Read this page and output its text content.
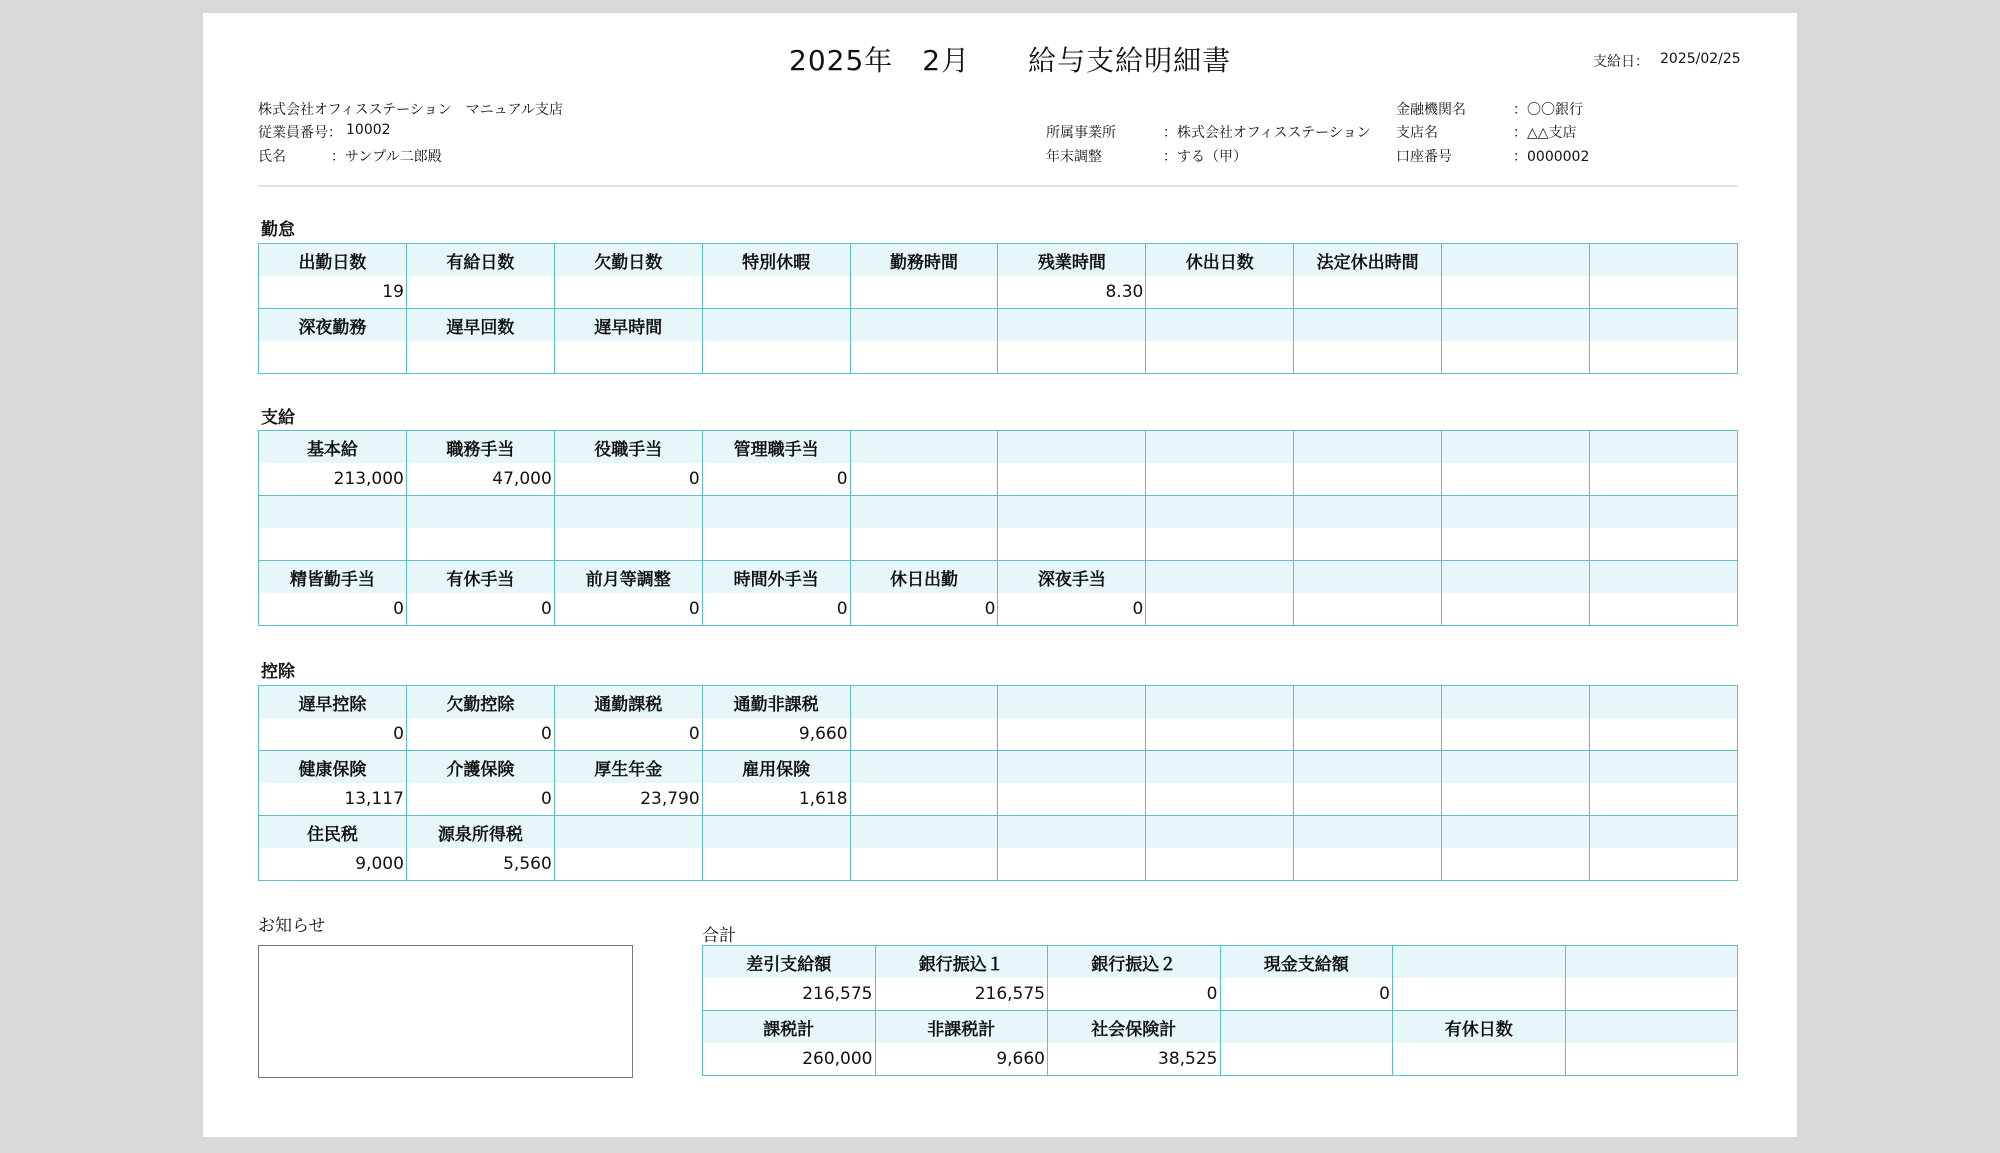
2025年　2月　　給与支給明細書	支給日： 2025/02/25
株式会社オフィスステーション　マニュアル支店
従業員番号： 10002
氏名	：サンプル二郎殿
所属事業所	：株式会社オフィスステーション
年末調整	：する（甲）
金融機関名	：〇〇銀行
支店名	：△△支店
口座番号	：0000002
勤怠
出勤日数	有給日数	欠勤日数	特別休暇	勤務時間	残業時間	休出日数	法定休出時間		
19					8.30				
深夜勤務	遅早回数	遅早時間							

支給
基本給	職務手当	役職手当	管理職手当						
213,000	47,000	0	0						

精皆勤手当	有休手当	前月等調整	時間外手当	休日出勤	深夜手当				
0	0	0	0	0	0				
控除
遅早控除	欠勤控除	通勤課税	通勤非課税						
0	0	0	9,660						
健康保険	介護保険	厚生年金	雇用保険						
13,117	0	23,790	1,618						
住民税	源泉所得税								
9,000	5,560								
お知らせ	合計
差引支給額	銀行振込１	銀行振込２	現金支給額		
216,575	216,575	0	0		
課税計	非課税計	社会保険計		有休日数	
260,000	9,660	38,525			
